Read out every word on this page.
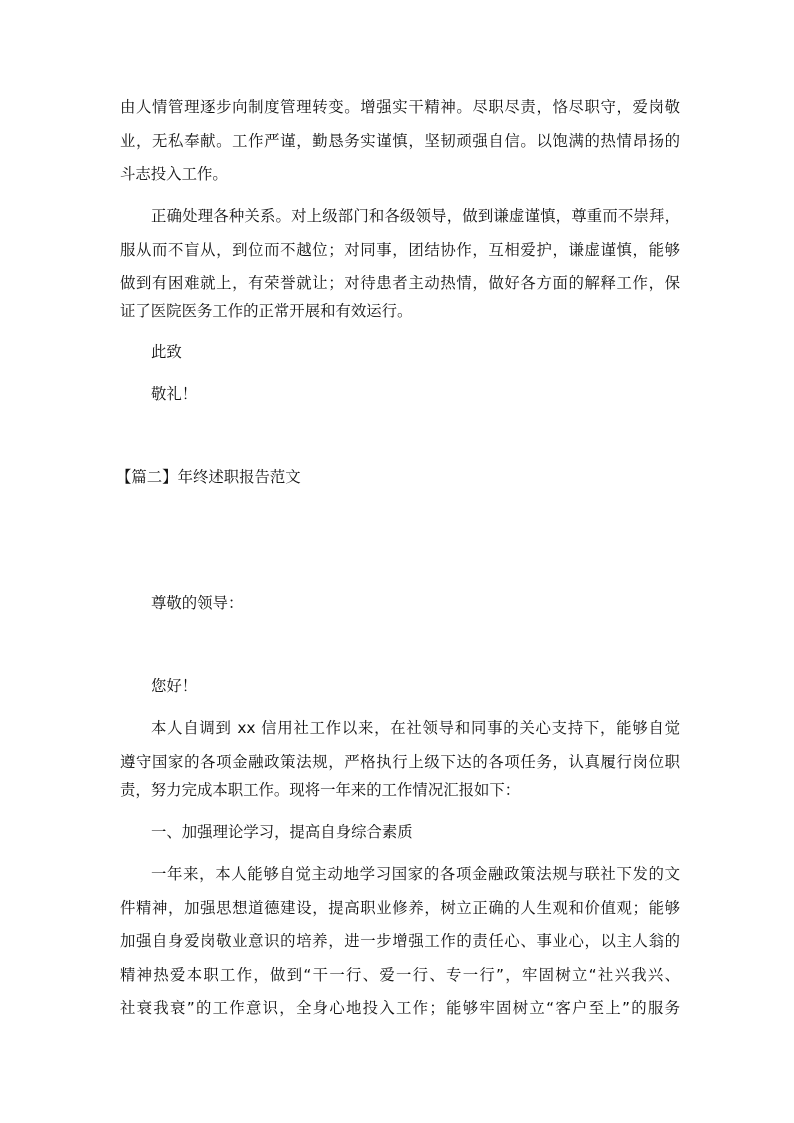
由人情管理逐步向制度管理转变。增强实干精神。尽职尽责，恪尽职守，爱岗敬
业，无私奉献。工作严谨，勤恳务实谨慎，坚韧顽强自信。以饱满的热情昂扬的
斗志投入工作。
正确处理各种关系。对上级部门和各级领导，做到谦虚谨慎，尊重而不崇拜，
服从而不盲从，到位而不越位；对同事，团结协作，互相爱护，谦虚谨慎，能够
做到有困难就上，有荣誉就让；对待患者主动热情，做好各方面的解释工作，保
证了医院医务工作的正常开展和有效运行。
此致
敬礼！
【篇二】年终述职报告范文
尊敬的领导：
您好！
本人自调到 xx 信用社工作以来，在社领导和同事的关心支持下，能够自觉
遵守国家的各项金融政策法规，严格执行上级下达的各项任务，认真履行岗位职
责，努力完成本职工作。现将一年来的工作情况汇报如下：
一、加强理论学习，提高自身综合素质
一年来，本人能够自觉主动地学习国家的各项金融政策法规与联社下发的文
件精神，加强思想道德建设，提高职业修养，树立正确的人生观和价值观；能够
加强自身爱岗敬业意识的培养，进一步增强工作的责任心、事业心，以主人翁的
精神热爱本职工作，做到“干一行、爱一行、专一行”，牢固树立“社兴我兴、
社衰我衰”的工作意识，全身心地投入工作；能够牢固树立“客户至上”的服务
